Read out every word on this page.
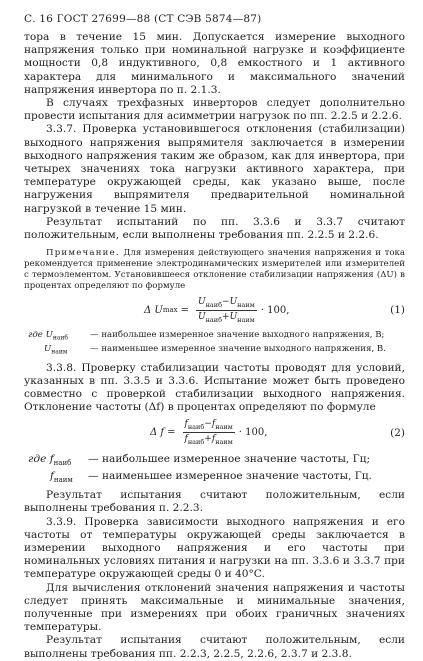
С. 16 ГОСТ 27699—88 (СТ СЭВ 5874—87)

тора в течение 15 мин. Допускается измерение выходного напряжения только при номинальной нагрузке и коэффициенте мощности 0,8 индуктивного, 0,8 емкостного и 1 активного характера для минимального и максимального значений напряжения инвертора по п. 2.1.3.

В случаях трехфазных инверторов следует дополнительно провести испытания для асимметрии нагрузок по пп. 2.2.5 и 2.2.6.

3.3.7. Проверка установившегося отклонения (стабилизации) выходного напряжения выпрямителя заключается в измерении выходного напряжения таким же образом, как для инвертора, при четырех значениях тока нагрузки активного характера, при температуре окружающей среды, как указано выше, после нагружения выпрямителя предварительной номинальной нагрузкой в течение 15 мин.

Результат испытаний по пп. 3.3.6 и 3.3.7 считают положительным, если выполнены требования пп. 2.2.5 и 2.2.6.

Примечание. Для измерения действующего значения напряжения и тока рекомендуется применение электродинамических измерителей или измерителей с термоэлементом. Установившееся отклонение стабилизации напряжения (ΔU) в процентах определяют по формуле
Δ U $\max = \frac{U_{наиб}-U_{наим}}{U_{наиб}+U_{наим}} \cdot 100$,	(1)
где $U_{наиб}$	— наибольшее измеренное значение выходного напряжения, В;
$U_{наим}$	— наименьшее измеренное значение выходного напряжения, В.

3.3.8. Проверку стабилизации частоты проводят для условий, указанных в пп. 3.3.5 и 3.3.6. Испытание может быть проведено совместно с проверкой стабилизации выходного напряжения. Отклонение частоты (Δf) в процентах определяют по формуле

Δ $f = \frac{f_{наиб}-f_{наим}}{f_{наиб}+f_{наим}} \cdot 100$,	(2)
где $f_{наиб}$	— наибольшее измеренное значение частоты, Гц;
$f_{наим}$	— наименьшее измеренное значение частоты, Гц.

Результат испытания считают положительным, если выполнены требования п. 2.2.3.

3.3.9. Проверка зависимости выходного напряжения и его частоты от температуры окружающей среды заключается в измерении выходного напряжения и его частоты при номинальных условиях питания и нагрузки на пп. 3.3.6 и 3.3.7 при температуре окружающей среды 0 и 40°C.

Для вычисления отклонений значения напряжения и частоты следует принять максимальные и минимальные значения, полученные при измерениях при обоих граничных значениях температуры.

Результат испытания считают положительным, если выполнены требования пп. 2.2.3, 2.2.5, 2.2.6, 2.3.7 и 2.3.8.
